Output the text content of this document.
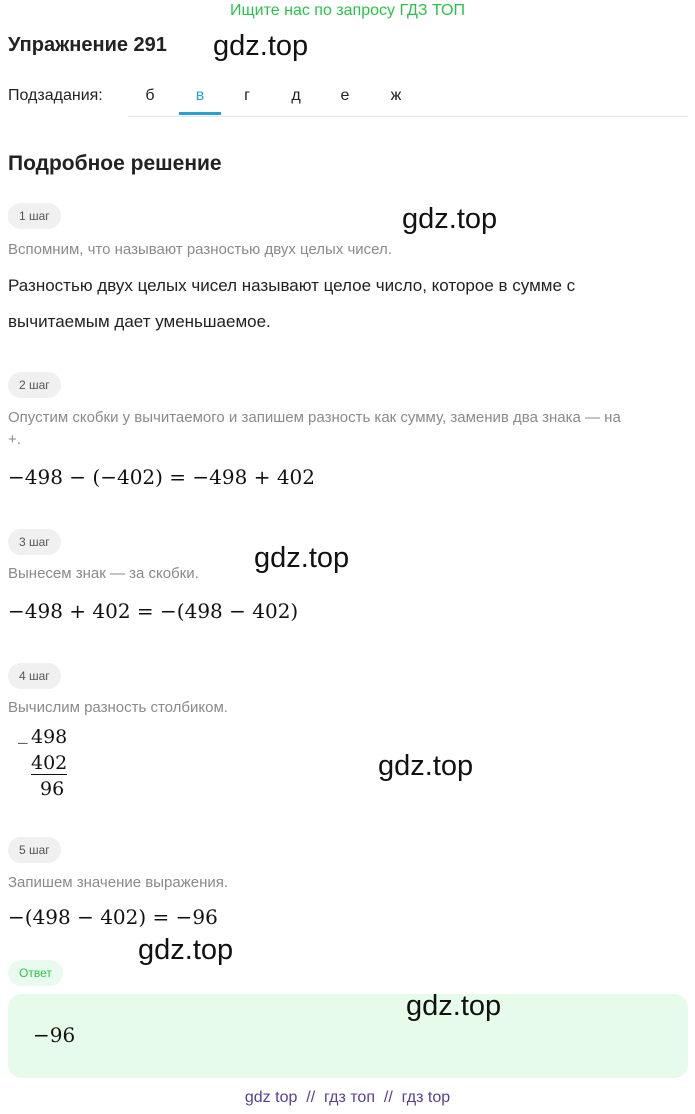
Ищите нас по запросу ГДЗ ТОП
Упражнение 291 gdz.top
Подзадания:	б	в	г	д	е	ж
Подробное решение
1 шаг	gdz.top
Вспомним, что называют разностью двух целых чисел.
Разностью двух целых чисел называют целое число, которое в сумме с
вычитаемым дает уменьшаемое.
2 шаг
Опустим скобки у вычитаемого и запишем разность как сумму, заменив два знака — на
+.
−498 − (−402) = −498 + 402
3 шаг	gdz.top
Вынесем знак — за скобки.
−498 + 402 = −(498 − 402)
4 шаг
Вычислим разность столбиком.
_ 498
402
96
gdz.top
5 шаг
Запишем значение выражения.
−(498 − 402) = −96
gdz.top
Ответ
−96
gdz.top
gdz top  //  гдз топ  //  гдз top
